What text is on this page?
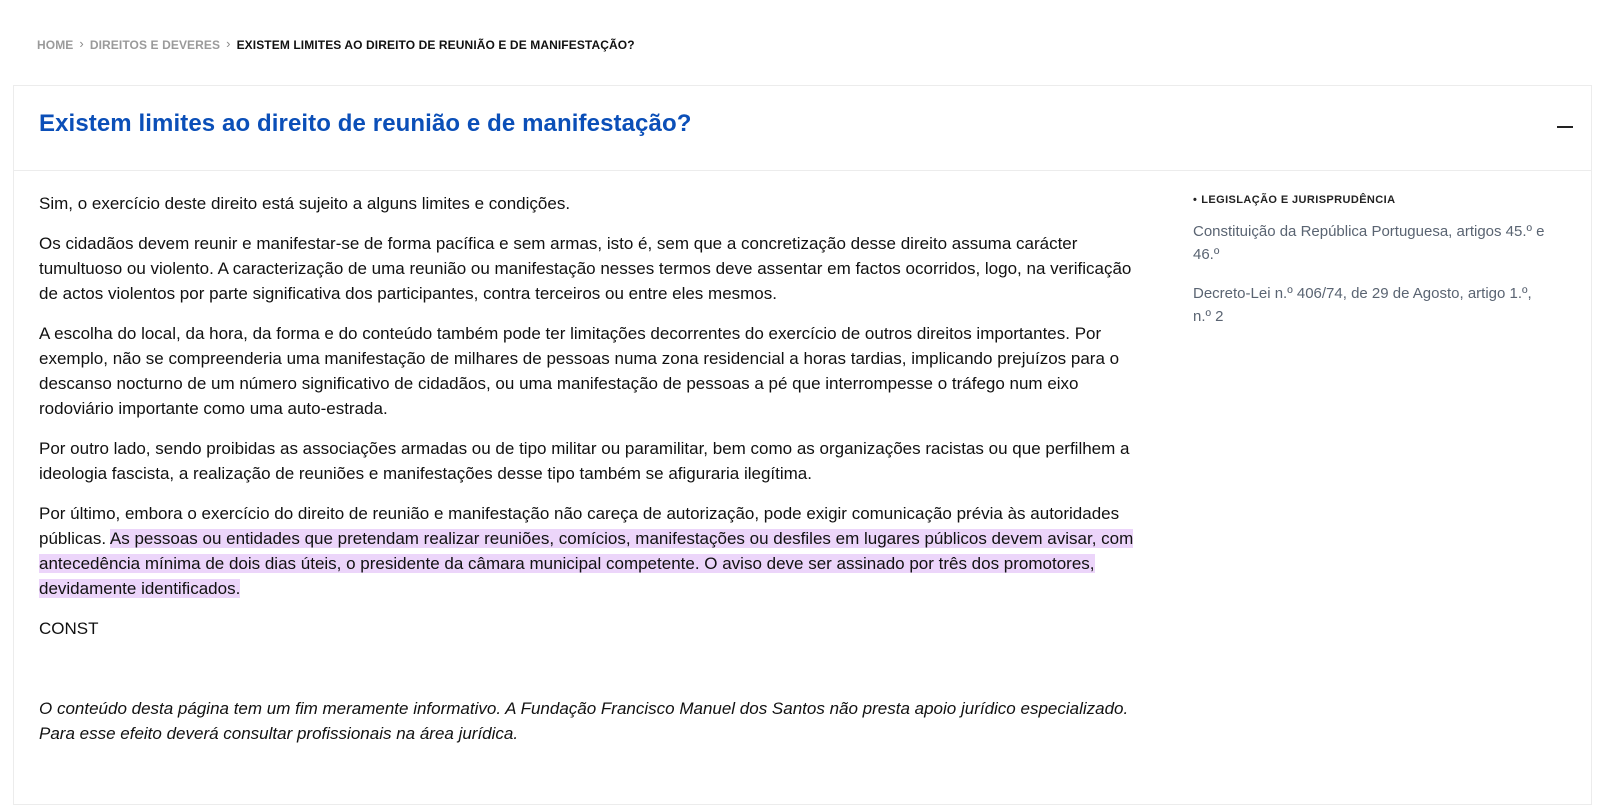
HOME › DIREITOS E DEVERES › EXISTEM LIMITES AO DIREITO DE REUNIÃO E DE MANIFESTAÇÃO?
Existem limites ao direito de reunião e de manifestação?

Sim, o exercício deste direito está sujeito a alguns limites e condições.

Os cidadãos devem reunir e manifestar-se de forma pacífica e sem armas, isto é, sem que a concretização desse direito assuma carácter tumultuoso ou violento. A caracterização de uma reunião ou manifestação nesses termos deve assentar em factos ocorridos, logo, na verificação de actos violentos por parte significativa dos participantes, contra terceiros ou entre eles mesmos.

A escolha do local, da hora, da forma e do conteúdo também pode ter limitações decorrentes do exercício de outros direitos importantes. Por exemplo, não se compreenderia uma manifestação de milhares de pessoas numa zona residencial a horas tardias, implicando prejuízos para o descanso nocturno de um número significativo de cidadãos, ou uma manifestação de pessoas a pé que interrompesse o tráfego num eixo rodoviário importante como uma auto-estrada.

Por outro lado, sendo proibidas as associações armadas ou de tipo militar ou paramilitar, bem como as organizações racistas ou que perfilhem a ideologia fascista, a realização de reuniões e manifestações desse tipo também se afiguraria ilegítima.

Por último, embora o exercício do direito de reunião e manifestação não careça de autorização, pode exigir comunicação prévia às autoridades públicas. As pessoas ou entidades que pretendam realizar reuniões, comícios, manifestações ou desfiles em lugares públicos devem avisar, com antecedência mínima de dois dias úteis, o presidente da câmara municipal competente. O aviso deve ser assinado por três dos promotores, devidamente identificados.

CONST

O conteúdo desta página tem um fim meramente informativo. A Fundação Francisco Manuel dos Santos não presta apoio jurídico especializado. Para esse efeito deverá consultar profissionais na área jurídica.

• LEGISLAÇÃO E JURISPRUDÊNCIA
Constituição da República Portuguesa, artigos 45.º e 46.º
Decreto-Lei n.º 406/74, de 29 de Agosto, artigo 1.º, n.º 2
